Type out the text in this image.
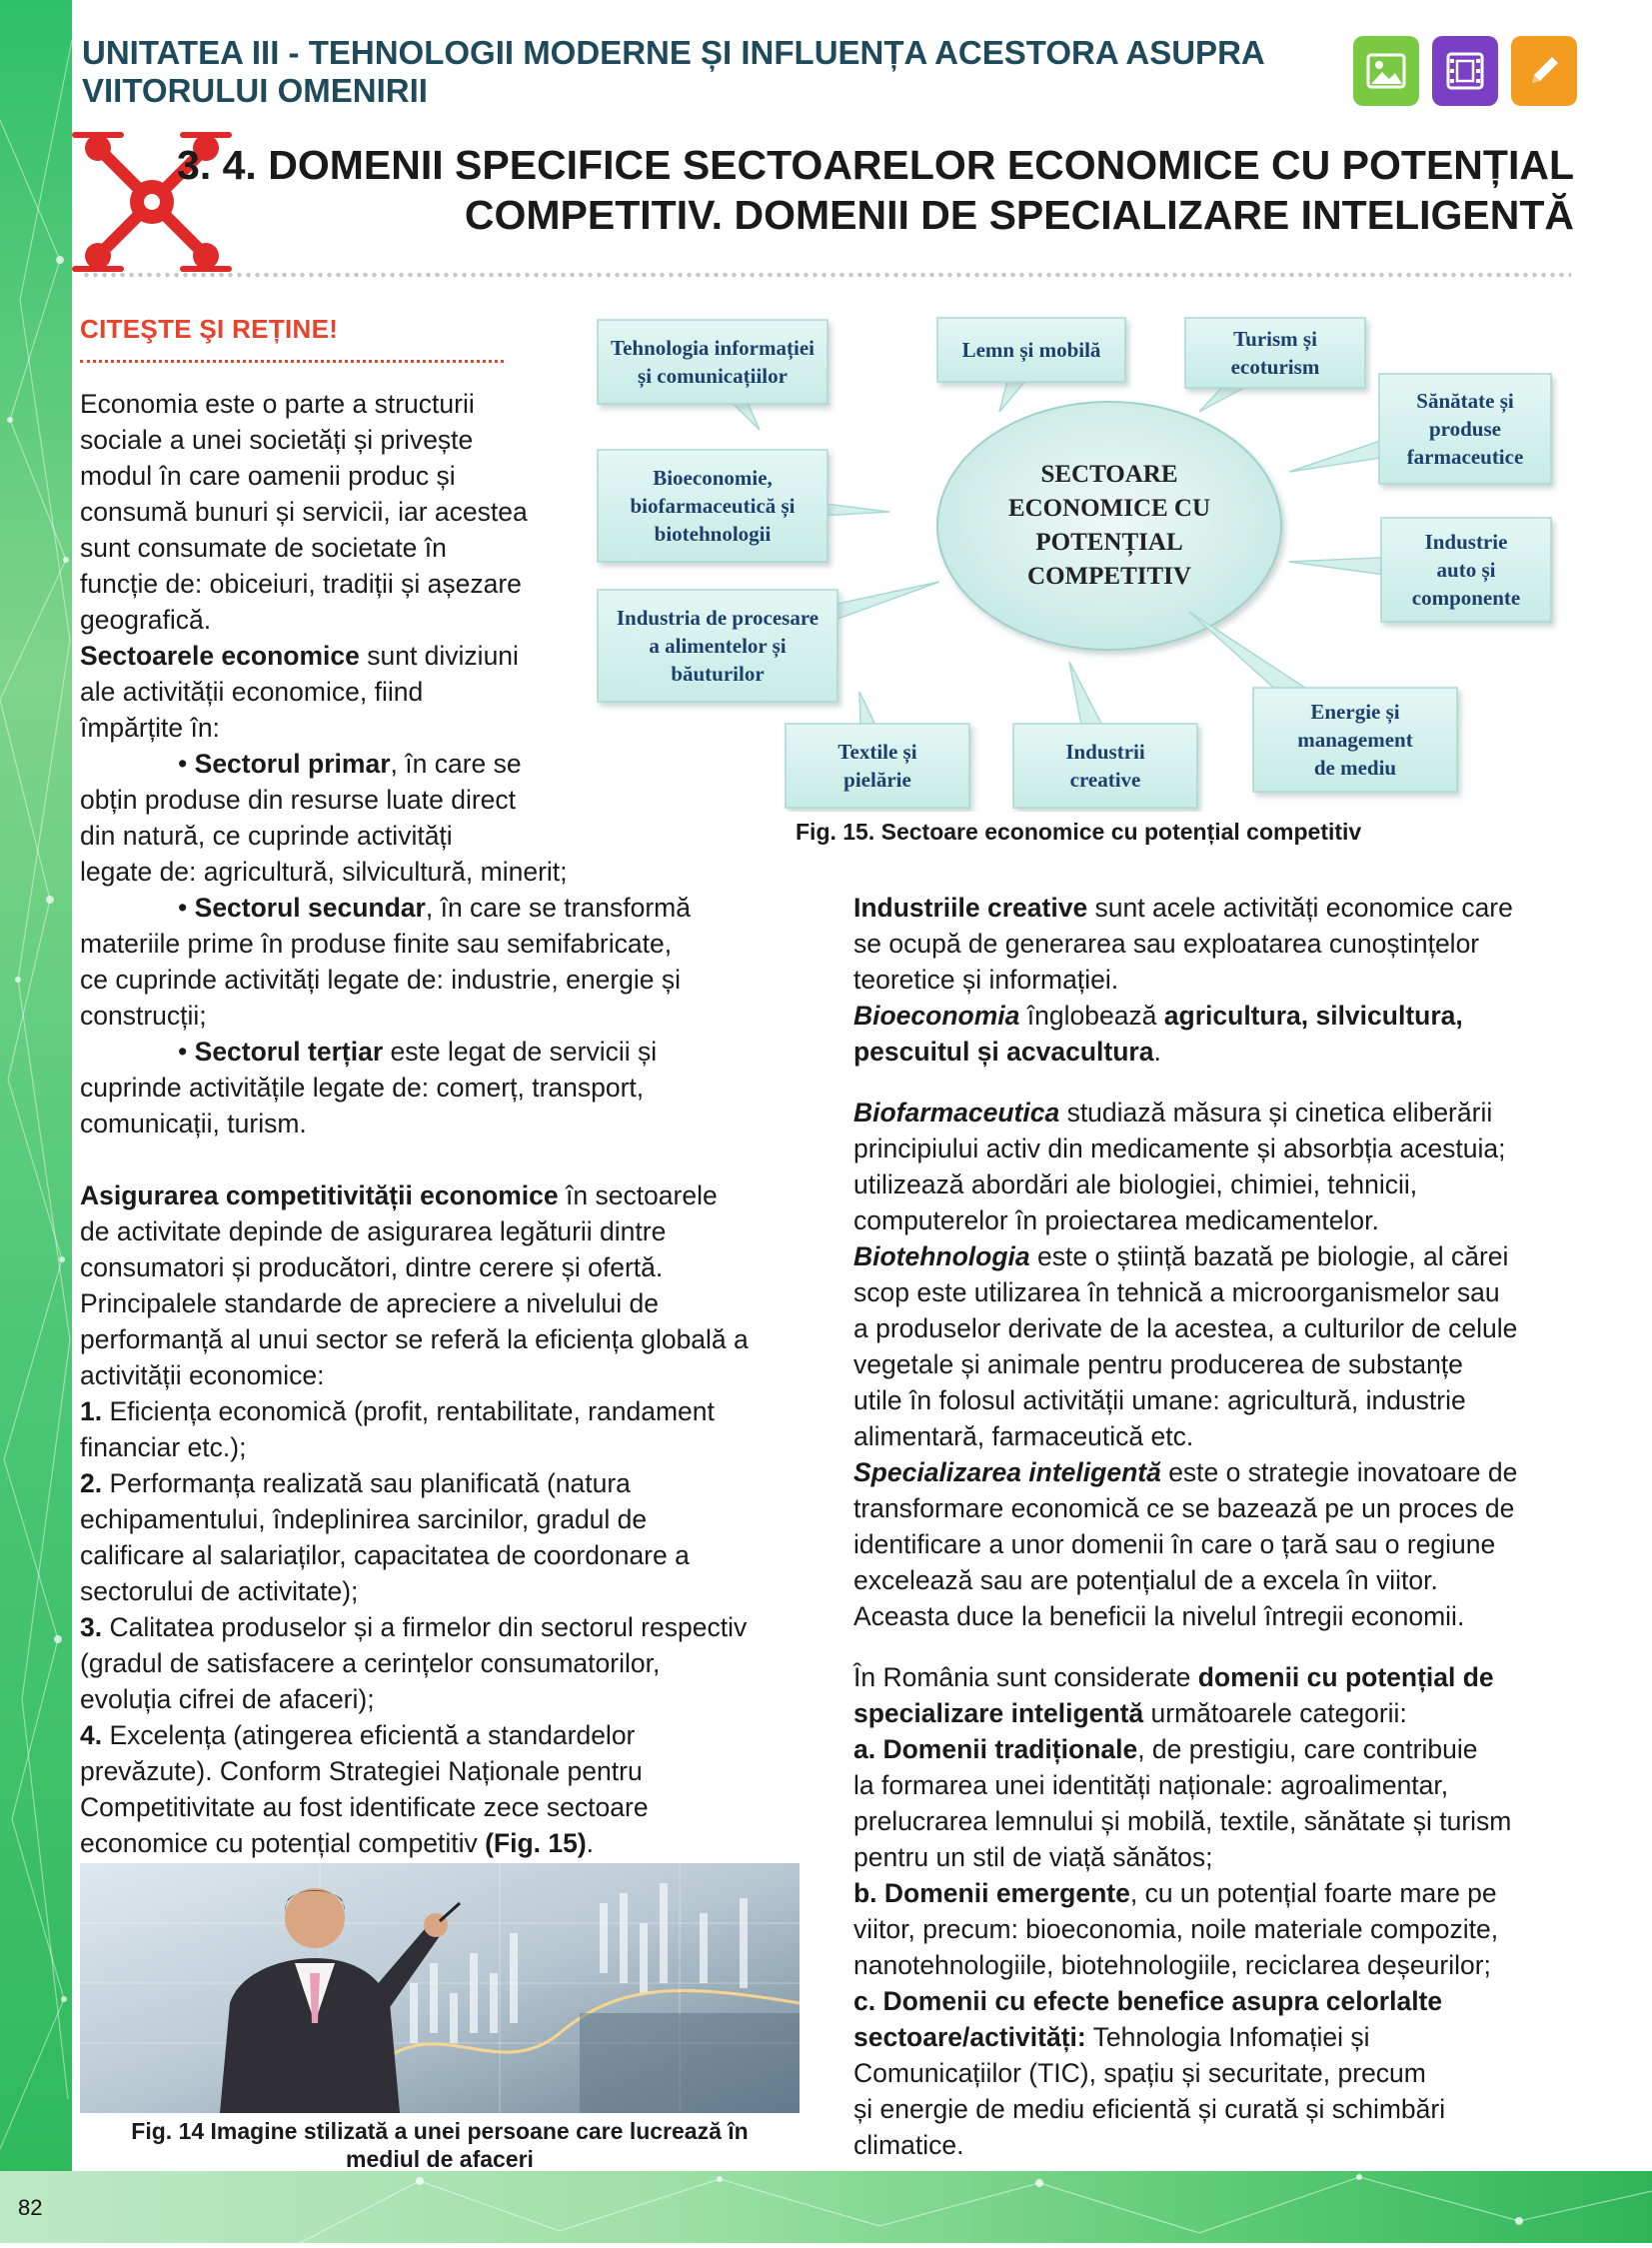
82
UNITATEA III - TEHNOLOGII MODERNE ȘI INFLUENȚA ACESTORA ASUPRA
VIITORULUI OMENIRII
3. 4. DOMENII SPECIFICE SECTOARELOR ECONOMICE CU POTENȚIAL
COMPETITIV. DOMENII DE SPECIALIZARE INTELIGENTĂ
CITEŞTE ŞI REȚINE!

Economia este o parte a structurii

sociale a unei societăți și privește

modul în care oamenii produc și

consumă bunuri și servicii, iar acestea

sunt consumate de societate în

funcție de: obiceiuri, tradiții și așezare

geografică.

Sectoarele economice sunt diviziuni

ale activității economice, fiind

împărțite în:

• Sectorul primar, în care se

obțin produse din resurse luate direct

din natură, ce cuprinde activități

legate de: agricultură, silvicultură, minerit;

• Sectorul secundar, în care se transformă

materiile prime în produse finite sau semifabricate,

ce cuprinde activități legate de: industrie, energie și

construcții;

• Sectorul terțiar este legat de servicii și

cuprinde activitățile legate de: comerț, transport,

comunicații, turism.

Asigurarea competitivității economice în sectoarele

de activitate depinde de asigurarea legăturii dintre

consumatori și producători, dintre cerere și ofertă.

Principalele standarde de apreciere a nivelului de

performanță al unui sector se referă la eficiența globală a

activității economice:

1. Eficiența economică (profit, rentabilitate, randament

financiar etc.);

2. Performanța realizată sau planificată (natura

echipamentului, îndeplinirea sarcinilor, gradul de

calificare al salariaților, capacitatea de coordonare a

sectorului de activitate);

3. Calitatea produselor și a firmelor din sectorul respectiv

(gradul de satisfacere a cerințelor consumatorilor,

evoluția cifrei de afaceri);

4. Excelența (atingerea eficientă a standardelor

prevăzute). Conform Strategiei Naționale pentru

Competitivitate au fost identificate zece sectoare

economice cu potențial competitiv (Fig. 15).

Fig. 14 Imagine stilizată a unei persoane care lucrează în
mediul de afaceri
Tehnologia informației
și comunicațiilor
Lemn și mobilă	Turism și
ecoturism
Sănătate și
produse
farmaceutice
Bioeconomie,
biofarmaceutică și
biotehnologii	Industrie
auto și
componente
Industria de procesare
a alimentelor și
băuturilor
Energie și
management
de mediu
Textile și
pielărie
Industrii
creative
SECTOARE
ECONOMICE CU
POTENȚIAL
COMPETITIV
Fig. 15. Sectoare economice cu potențial competitiv

Industriile creative sunt acele activități economice care

se ocupă de generarea sau exploatarea cunoștințelor

teoretice și informației.

Bioeconomia înglobează agricultura, silvicultura,

pescuitul și acvacultura.

Biofarmaceutica studiază măsura și cinetica eliberării

principiului activ din medicamente și absorbția acestuia;

utilizează abordări ale biologiei, chimiei, tehnicii,

computerelor în proiectarea medicamentelor.

Biotehnologia este o știință bazată pe biologie, al cărei

scop este utilizarea în tehnică a microorganismelor sau

a produselor derivate de la acestea, a culturilor de celule

vegetale și animale pentru producerea de substanțe

utile în folosul activității umane: agricultură, industrie

alimentară, farmaceutică etc.

Specializarea inteligentă este o strategie inovatoare de

transformare economică ce se bazează pe un proces de

identificare a unor domenii în care o țară sau o regiune

excelează sau are potențialul de a excela în viitor.

Aceasta duce la beneficii la nivelul întregii economii.

În România sunt considerate domenii cu potențial de

specializare inteligentă următoarele categorii:

a. Domenii tradiționale, de prestigiu, care contribuie

la formarea unei identități naționale: agroalimentar,

prelucrarea lemnului și mobilă, textile, sănătate și turism

pentru un stil de viață sănătos;

b. Domenii emergente, cu un potențial foarte mare pe

viitor, precum: bioeconomia, noile materiale compozite,

nanotehnologiile, biotehnologiile, reciclarea deșeurilor;

c. Domenii cu efecte benefice asupra celorlalte

sectoare/activități: Tehnologia Infomației și

Comunicațiilor (TIC), spațiu și securitate, precum

și energie de mediu eficientă și curată și schimbări

climatice.
